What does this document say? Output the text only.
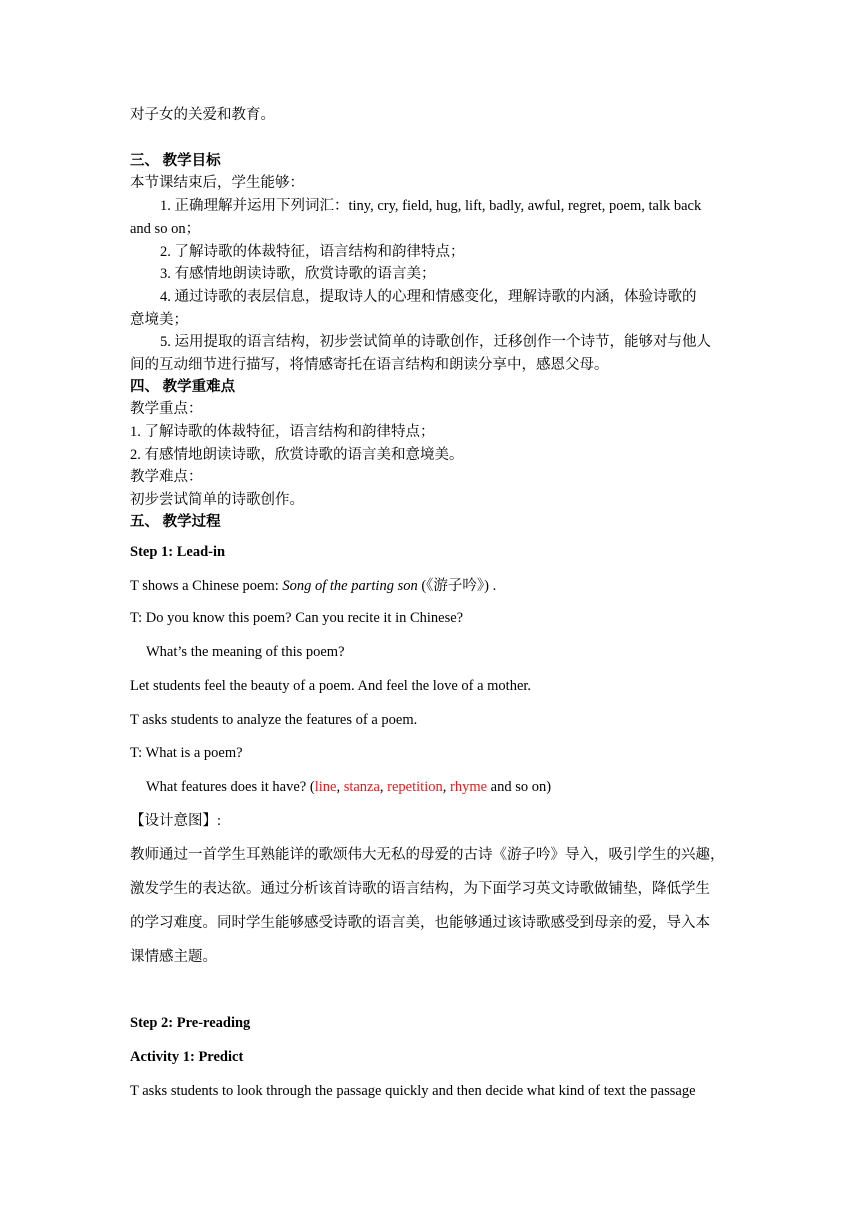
对子女的关爱和教育。
三、 教学目标
本节课结束后，学生能够：
1. 正确理解并运用下列词汇：tiny, cry, field, hug, lift, badly, awful, regret, poem, talk back
and so on；
2. 了解诗歌的体裁特征，语言结构和韵律特点；
3. 有感情地朗读诗歌，欣赏诗歌的语言美；
4. 通过诗歌的表层信息，提取诗人的心理和情感变化，理解诗歌的内涵，体验诗歌的
意境美；
5. 运用提取的语言结构，初步尝试简单的诗歌创作，迁移创作一个诗节，能够对与他人
间的互动细节进行描写，将情感寄托在语言结构和朗读分享中，感恩父母。
四、 教学重难点
教学重点：
1. 了解诗歌的体裁特征，语言结构和韵律特点；
2. 有感情地朗读诗歌，欣赏诗歌的语言美和意境美。
教学难点：
初步尝试简单的诗歌创作。
五、 教学过程
Step 1: Lead-in
T shows a Chinese poem: Song of the parting son (《游子吟》) .
T: Do you know this poem? Can you recite it in Chinese?
What’s the meaning of this poem?
Let students feel the beauty of a poem. And feel the love of a mother.
T asks students to analyze the features of a poem.
T: What is a poem?
What features does it have? (line, stanza, repetition, rhyme and so on)
【设计意图】:
教师通过一首学生耳熟能详的歌颂伟大无私的母爱的古诗《游子吟》导入，吸引学生的兴趣，
激发学生的表达欲。通过分析该首诗歌的语言结构，为下面学习英文诗歌做铺垫，降低学生
的学习难度。同时学生能够感受诗歌的语言美，也能够通过该诗歌感受到母亲的爱，导入本
课情感主题。
Step 2: Pre-reading
Activity 1: Predict
T asks students to look through the passage quickly and then decide what kind of text the passage
